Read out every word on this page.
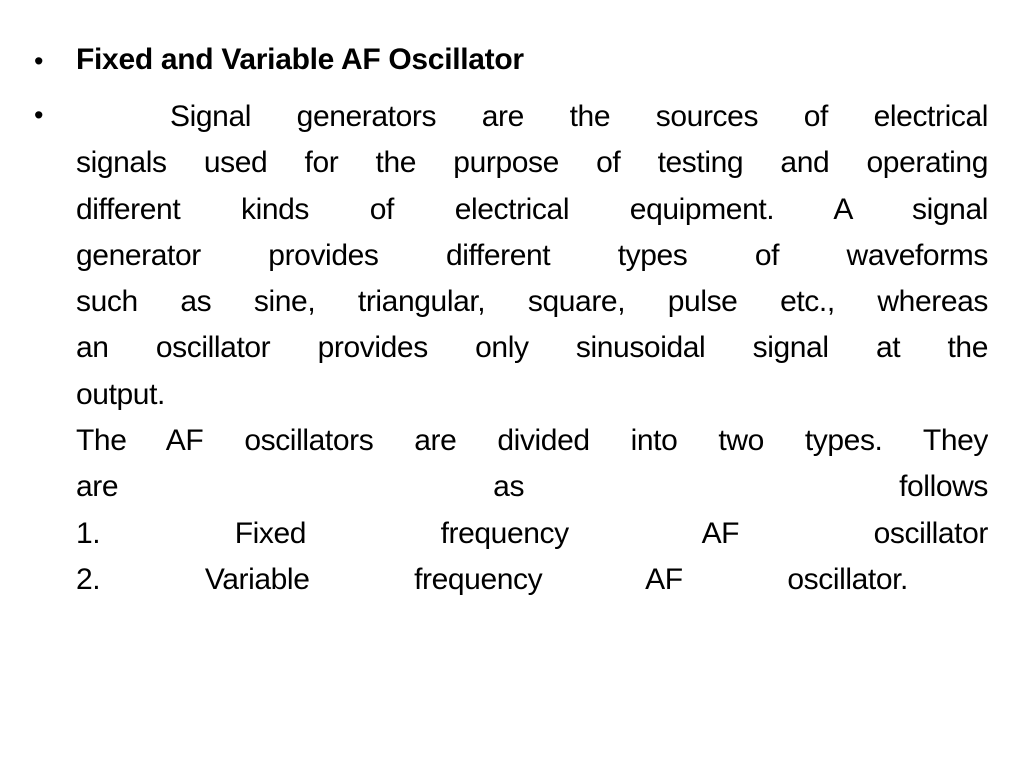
• Fixed and Variable AF Oscillator
•	Signal generators are the sources of electrical
signals used for the purpose of testing and operating
different kinds of electrical equipment. A signal
generator provides different types of waveforms
such as sine, triangular, square, pulse etc., whereas
an oscillator provides only sinusoidal signal at the
output.
The AF oscillators are divided into two types. They
are as follows
1. Fixed frequency AF oscillator
2. Variable frequency AF oscillator.
